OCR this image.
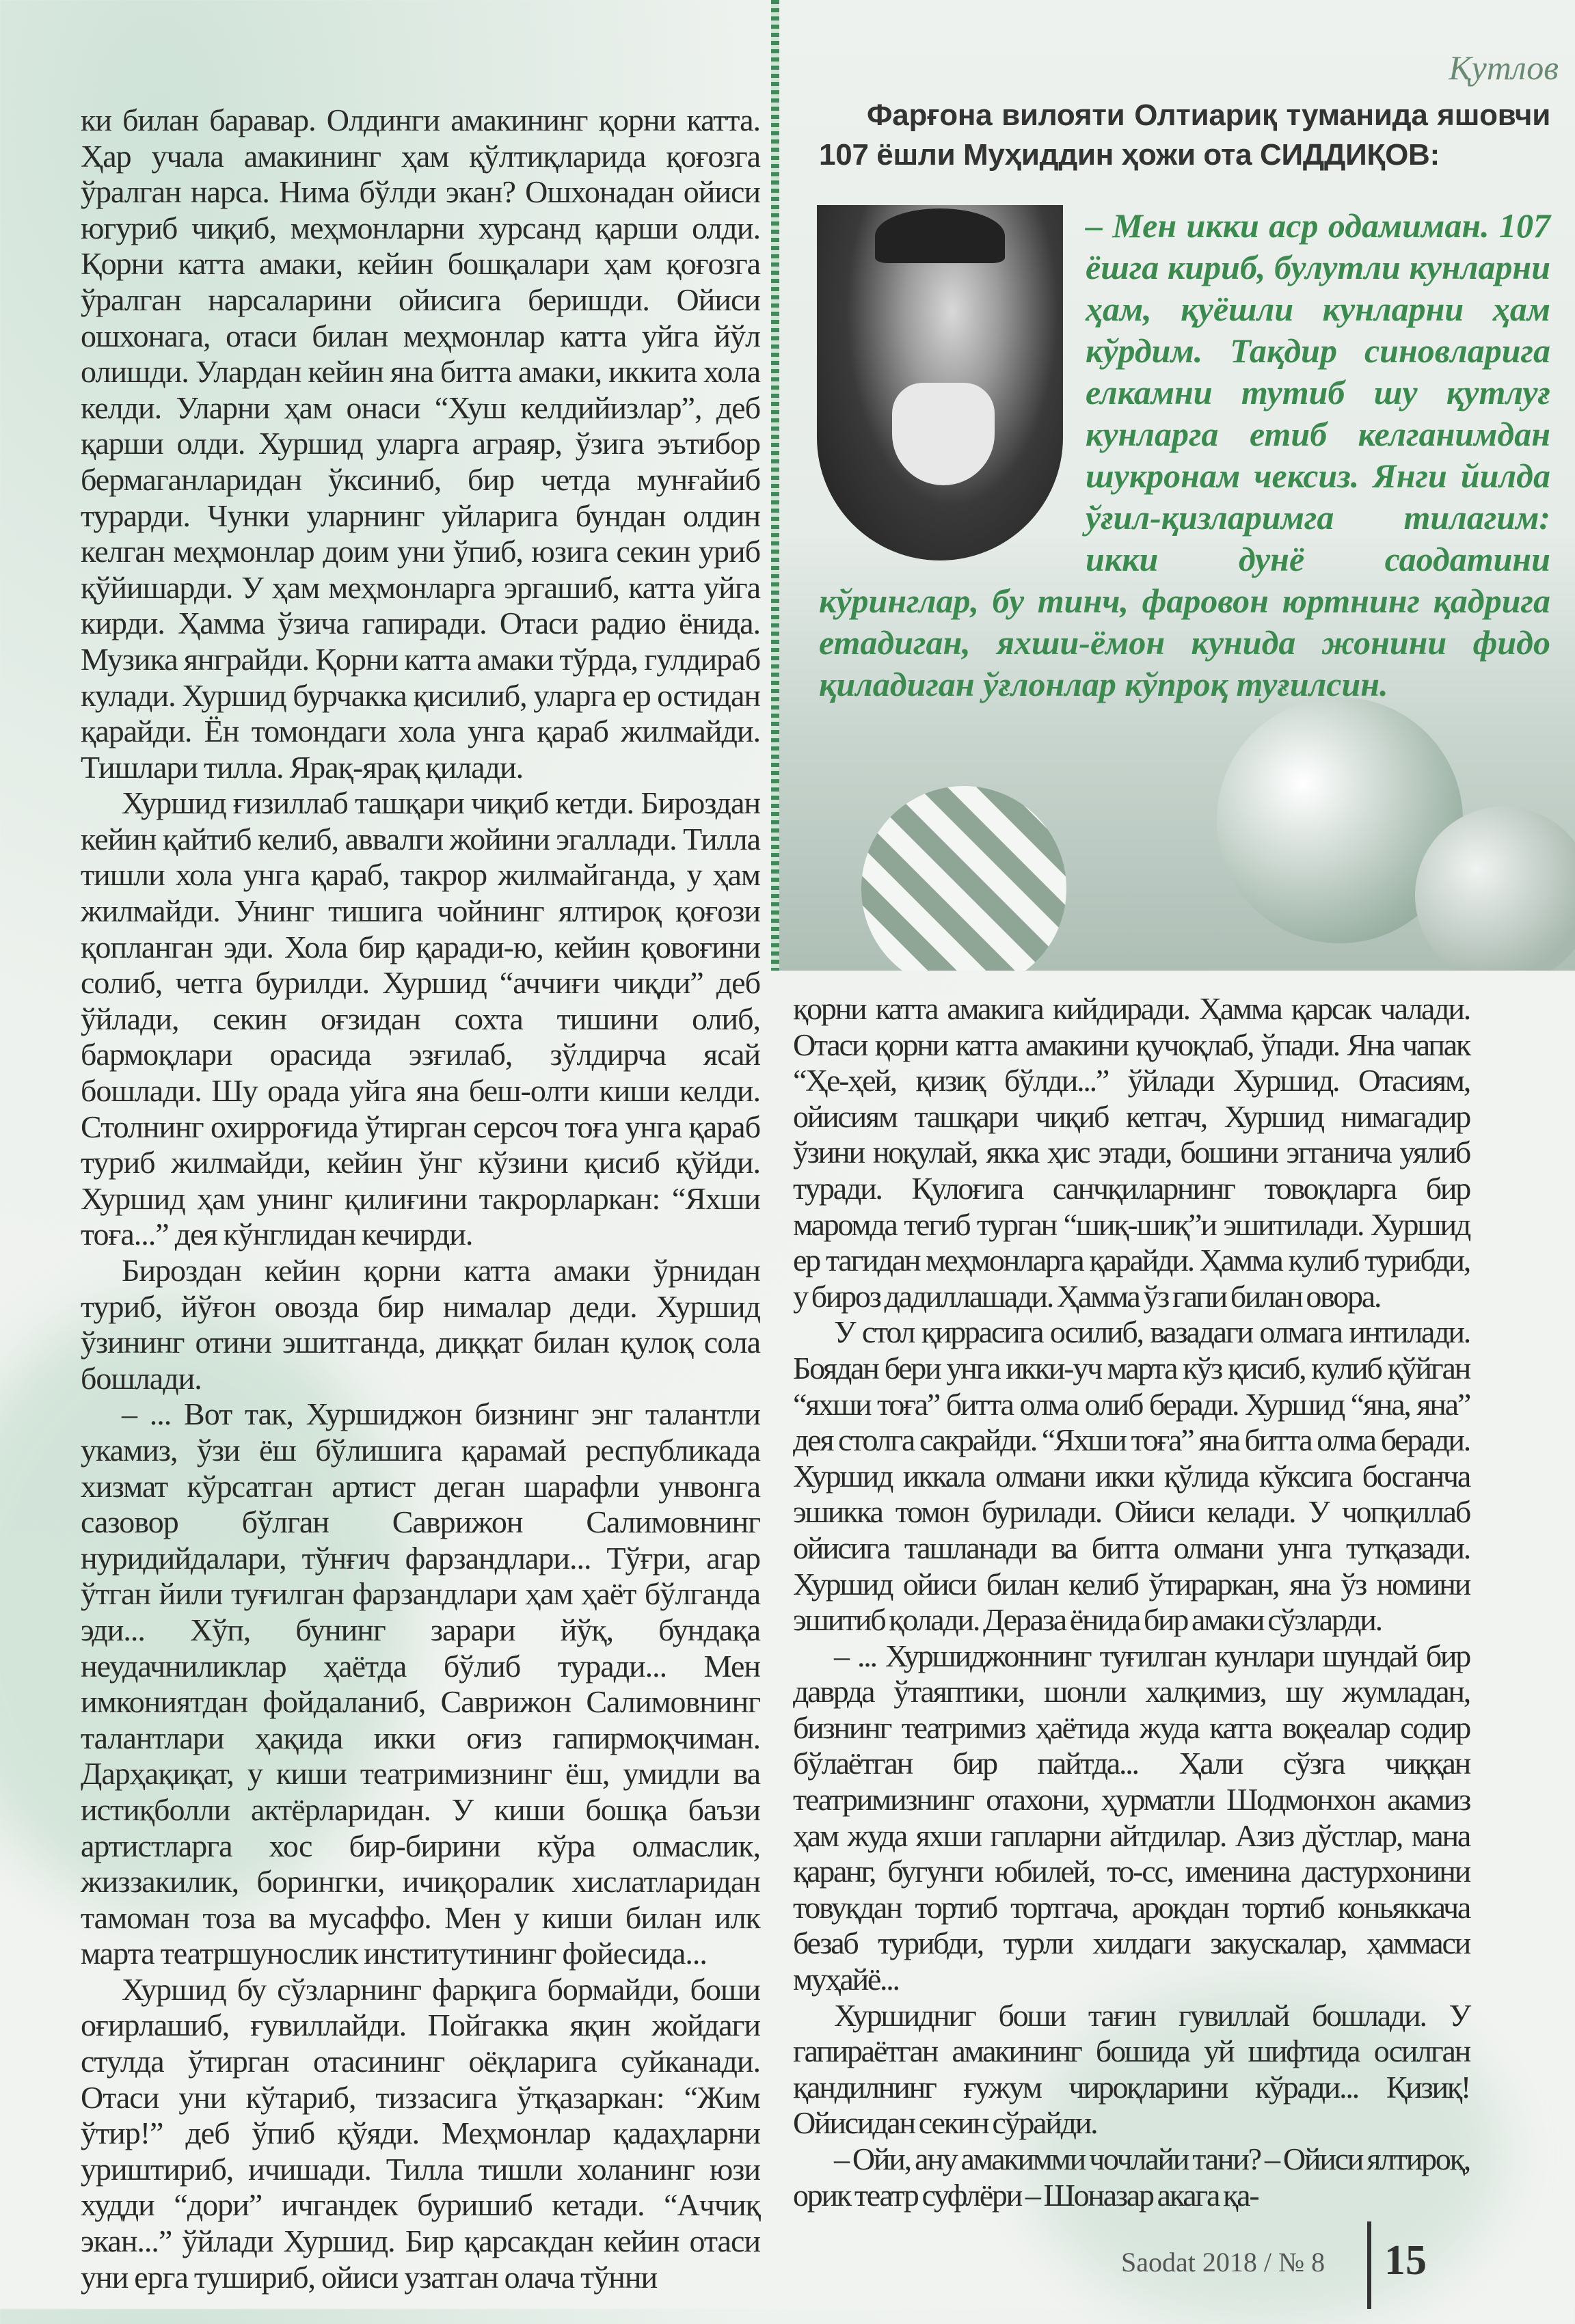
ки билан баравар. Олдинги амакининг қорни катта. Ҳар учала амакининг ҳам қўлтиқларида қоғозга ўралган нарса. Нима бўлди экан? Ошхонадан ойиси югуриб чиқиб, меҳмонларни хурсанд қарши олди. Қорни катта амаки, кейин бошқалари ҳам қоғозга ўралган нарсаларини ойисига беришди. Ойиси ошхонага, отаси билан меҳмонлар катта уйга йўл олишди. Улардан кейин яна битта амаки, иккита хола келди. Уларни ҳам онаси “Хуш келдийизлар”, деб қарши олди. Хуршид уларга аграяр, ўзига эътибор бермаганларидан ўксиниб, бир четда мунғайиб турарди. Чунки уларнинг уйларига бундан олдин келган меҳмонлар доим уни ўпиб, юзига секин уриб қўйишарди. У ҳам меҳмонларга эргашиб, катта уйга кирди. Ҳамма ўзича гапиради. Отаси радио ёнида. Музика янграйди. Қорни катта амаки тўрда, гулдираб кулади. Хуршид бурчакка қисилиб, уларга ер остидан қарайди. Ён томондаги хола унга қараб жилмайди. Тишлари тилла. Ярақ-ярақ қилади.

Хуршид ғизиллаб ташқари чиқиб кетди. Бироздан кейин қайтиб келиб, аввалги жойини эгаллади. Тилла тишли хола унга қараб, такрор жилмайганда, у ҳам жилмайди. Унинг тишига чойнинг ялтироқ қоғози қопланган эди. Хола бир қаради-ю, кейин қовоғини солиб, четга бурилди. Хуршид “аччиғи чиқди” деб ўйлади, секин оғзидан сохта тишини олиб, бармоқлари орасида эзғилаб, зўлдирча ясай бошлади. Шу орада уйга яна беш-олти киши келди. Столнинг охирроғида ўтирган серсоч тоға унга қараб туриб жилмайди, кейин ўнг кўзини қисиб қўйди. Хуршид ҳам унинг қилиғини такрорларкан: “Яхши тоға...” дея кўнглидан кечирди.

Бироздан кейин қорни катта амаки ўрнидан туриб, йўғон овозда бир нималар деди. Хуршид ўзининг отини эшитганда, диққат билан қулоқ сола бошлади.

– ... Вот так, Хуршиджон бизнинг энг талантли укамиз, ўзи ёш бўлишига қарамай республикада хизмат кўрсатган артист деган шарафли унвонга сазовор бўлган Саврижон Салимовнинг нуридийдалари, тўнғич фарзандлари... Тўғри, агар ўтган йили туғилган фарзандлари ҳам ҳаёт бўлганда эди... Хўп, бунинг зарари йўқ, бундақа неудачниликлар ҳаётда бўлиб туради... Мен имкониятдан фойдаланиб, Саврижон Салимовнинг талантлари ҳақида икки оғиз гапирмоқчиман. Дарҳақиқат, у киши театримизнинг ёш, умидли ва истиқболли актёрларидан. У киши бошқа баъзи артистларга хос бир-бирини кўра олмаслик, жиззакилик, борингки, ичиқоралик хислатларидан тамоман тоза ва мусаффо. Мен у киши билан илк марта театршунослик институтининг фойесида...

Хуршид бу сўзларнинг фарқига бормайди, боши оғирлашиб, ғувиллайди. Пойгакка яқин жойдаги стулда ўтирган отасининг оёқларига суйканади. Отаси уни кўтариб, тиззасига ўтқазаркан: “Жим ўтир!” деб ўпиб қўяди. Меҳмонлар қадаҳларни уриштириб, ичишади. Тилла тишли холанинг юзи худди “дори” ичгандек буришиб кетади. “Аччиқ экан...” ўйлади Хуршид. Бир қарсакдан кейин отаси уни ерга тушириб, ойиси узатган олача тўнни

Қутлов
Фарғона вилояти Олтиариқ туманида яшовчи 107 ёшли Муҳиддин ҳожи ота СИДДИҚОВ:
– Мен икки аср одамиман. 107 ёшга кириб, булутли кунларни ҳам, қуёшли кунларни ҳам кўрдим. Тақдир синовларига елкамни тутиб шу қутлуғ кунларга етиб келганимдан шукронам чексиз. Янги йилда ўғил-қизларимга тилагим: икки дунё саодатини кўринглар, бу тинч, фаровон юртнинг қадрига етадиган, яхши-ёмон кунида жонини фидо қиладиган ўғлонлар кўпроқ туғилсин.

қорни катта амакига кийдиради. Ҳамма қарсак чалади. Отаси қорни катта амакини қучоқлаб, ўпади. Яна чапак “Ҳе-ҳей, қизиқ бўлди...” ўйлади Хуршид. Отасиям, ойисиям ташқари чиқиб кетгач, Хуршид нимагадир ўзини ноқулай, якка ҳис этади, бошини эгганича уялиб туради. Қулоғига санчқиларнинг товоқларга бир маромда тегиб турган “шиқ-шиқ”и эшитилади. Хуршид ер тагидан меҳмонларга қарайди. Ҳамма кулиб турибди, у бироз дадиллашади. Ҳамма ўз гапи билан овора.

У стол қиррасига осилиб, вазадаги олмага интилади. Боядан бери унга икки-уч марта кўз қисиб, кулиб қўйган “яхши тоға” битта олма олиб беради. Хуршид “яна, яна” дея столга сакрайди. “Яхши тоға” яна битта олма беради. Хуршид иккала олмани икки қўлида кўксига босганча эшикка томон бурилади. Ойиси келади. У чопқиллаб ойисига ташланади ва битта олмани унга тутқазади. Хуршид ойиси билан келиб ўтираркан, яна ўз номини эшитиб қолади. Дераза ёнида бир амаки сўзларди.

– ... Хуршиджоннинг туғилган кунлари шундай бир даврда ўтаяптики, шонли халқимиз, шу жумладан, бизнинг театримиз ҳаётида жуда катта воқеалар содир бўлаётган бир пайтда... Ҳали сўзга чиққан театримизнинг отахони, ҳурматли Шодмонхон акамиз ҳам жуда яхши гапларни айтдилар. Азиз дўстлар, мана қаранг, бугунги юбилей, то-сс, именина дастурхонини товуқдан тортиб тортгача, ароқдан тортиб коньяккача безаб турибди, турли хилдаги закускалар, ҳаммаси муҳайё...

Хуршидниг боши тағин гувиллай бошлади. У гапираётган амакининг бошида уй шифтида осилган қандилнинг ғужум чироқларини кўради... Қизиқ! Ойисидан секин сўрайди.

– Ойи, ану амакимми чочлайи тани? – Ойиси ялтироқ, орик театр суфлёри – Шоназар акага қа-

Saodat 2018 / № 8 15
